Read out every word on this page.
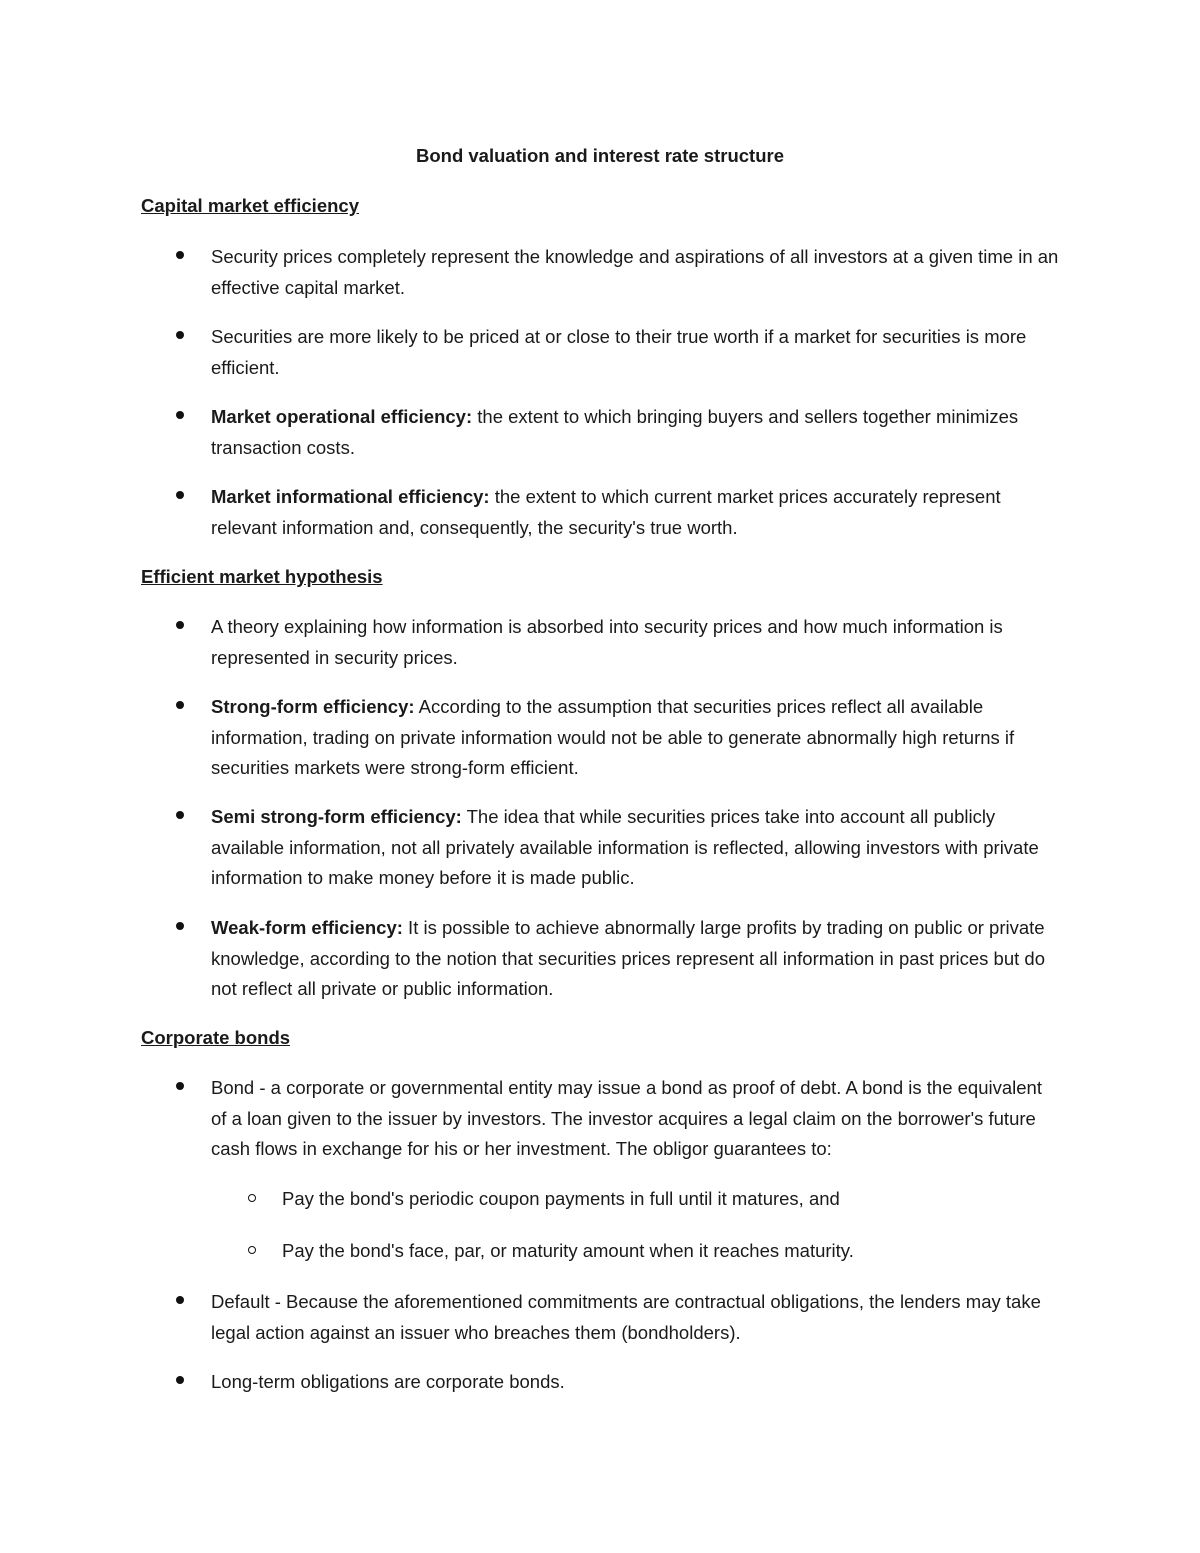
Bond valuation and interest rate structure
Capital market efficiency
Security prices completely represent the knowledge and aspirations of all investors at a given time in an effective capital market.
Securities are more likely to be priced at or close to their true worth if a market for securities is more efficient.
Market operational efficiency: the extent to which bringing buyers and sellers together minimizes transaction costs.
Market informational efficiency: the extent to which current market prices accurately represent relevant information and, consequently, the security's true worth.
Efficient market hypothesis
A theory explaining how information is absorbed into security prices and how much information is represented in security prices.
Strong-form efficiency: According to the assumption that securities prices reflect all available information, trading on private information would not be able to generate abnormally high returns if securities markets were strong-form efficient.
Semi strong-form efficiency: The idea that while securities prices take into account all publicly available information, not all privately available information is reflected, allowing investors with private information to make money before it is made public.
Weak-form efficiency: It is possible to achieve abnormally large profits by trading on public or private knowledge, according to the notion that securities prices represent all information in past prices but do not reflect all private or public information.
Corporate bonds
Bond - a corporate or governmental entity may issue a bond as proof of debt. A bond is the equivalent of a loan given to the issuer by investors. The investor acquires a legal claim on the borrower's future cash flows in exchange for his or her investment. The obligor guarantees to:
Pay the bond's periodic coupon payments in full until it matures, and
Pay the bond's face, par, or maturity amount when it reaches maturity.
Default - Because the aforementioned commitments are contractual obligations, the lenders may take legal action against an issuer who breaches them (bondholders).
Long-term obligations are corporate bonds.
